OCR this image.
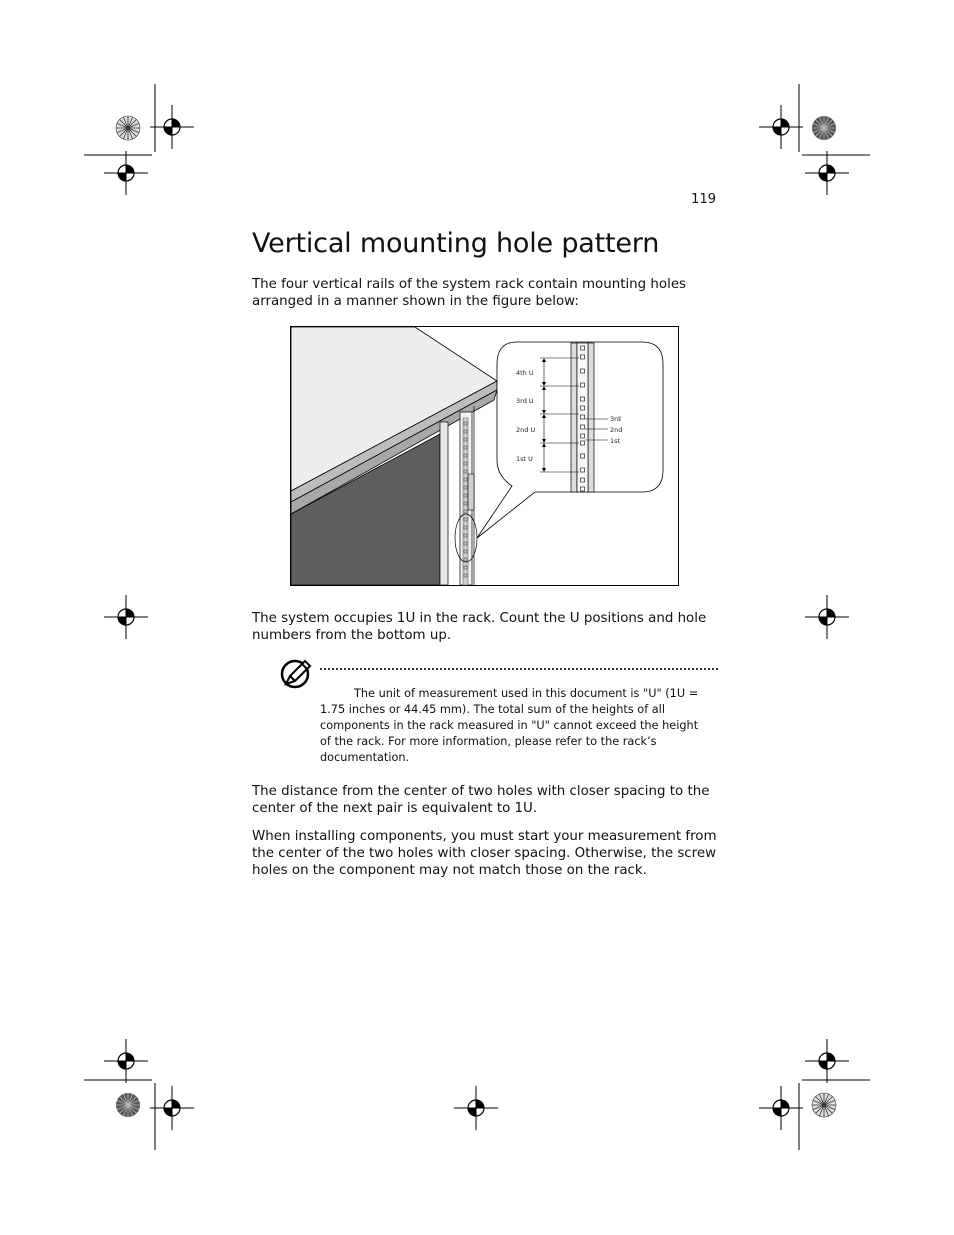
119
Vertical mounting hole pattern

The four vertical rails of the system rack contain mounting holes arranged in a manner shown in the figure below:

4th U
3rd U
2nd U
1st U
3rd
2nd
1st

The system occupies 1U in the rack. Count the U positions and hole numbers from the bottom up.

The unit of measurement used in this document is "U" (1U = 1.75 inches or 44.45 mm). The total sum of the heights of all components in the rack measured in "U" cannot exceed the height of the rack. For more information, please refer to the rack’s documentation.

The distance from the center of two holes with closer spacing to the center of the next pair is equivalent to 1U.

When installing components, you must start your measurement from the center of the two holes with closer spacing. Otherwise, the screw holes on the component may not match those on the rack.
